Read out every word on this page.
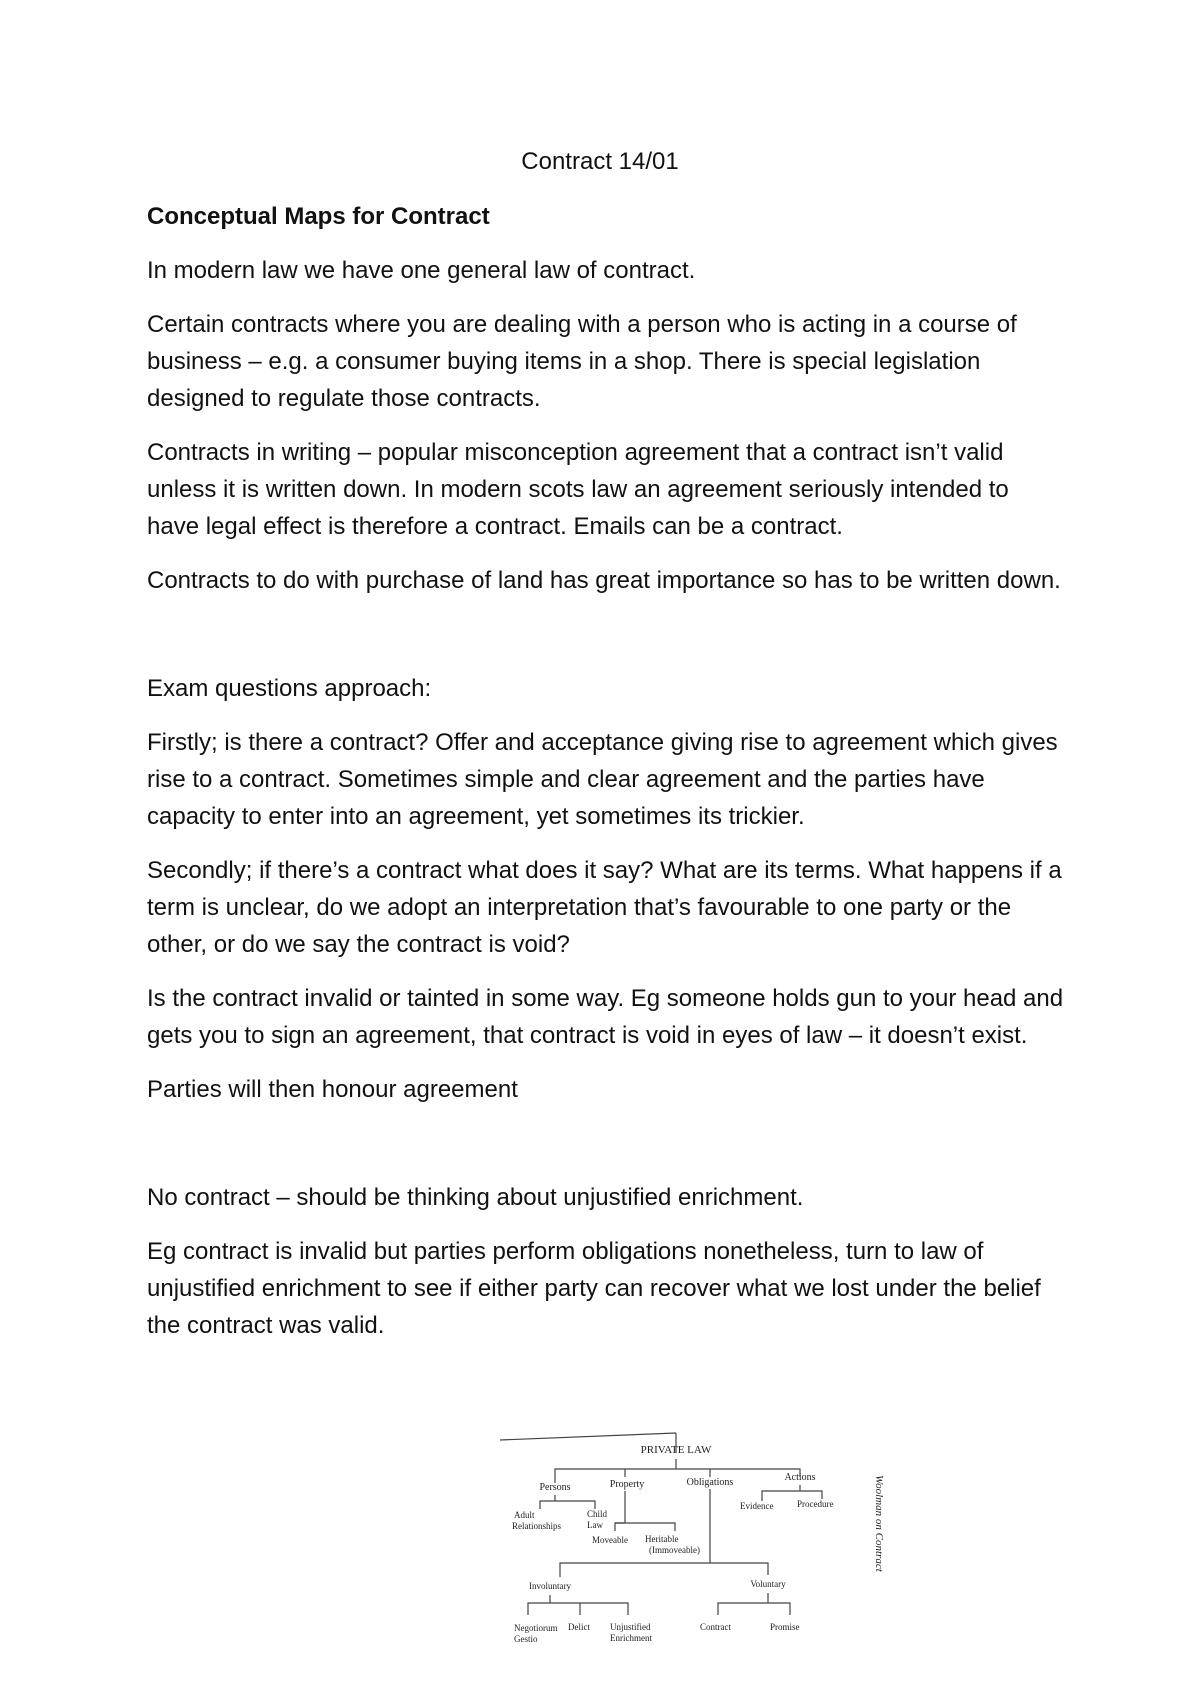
Contract 14/01

Conceptual Maps for Contract

In modern law we have one general law of contract.

Certain contracts where you are dealing with a person who is acting in a course of business – e.g. a consumer buying items in a shop. There is special legislation designed to regulate those contracts.

Contracts in writing – popular misconception agreement that a contract isn’t valid unless it is written down. In modern scots law an agreement seriously intended to have legal effect is therefore a contract. Emails can be a contract.

Contracts to do with purchase of land has great importance so has to be written down.

Exam questions approach:

Firstly; is there a contract? Offer and acceptance giving rise to agreement which gives rise to a contract. Sometimes simple and clear agreement and the parties have capacity to enter into an agreement, yet sometimes its trickier.

Secondly; if there’s a contract what does it say? What are its terms. What happens if a term is unclear, do we adopt an interpretation that’s favourable to one party or the other, or do we say the contract is void?

Is the contract invalid or tainted in some way. Eg someone holds gun to your head and gets you to sign an agreement, that contract is void in eyes of law – it doesn’t exist.

Parties will then honour agreement

No contract – should be thinking about unjustified enrichment.

Eg contract is invalid but parties perform obligations nonetheless, turn to law of unjustified enrichment to see if either party can recover what we lost under the belief the contract was valid.

PRIVATE LAW
Persons	Property	Obligations	Actions
Adult
Relationships
Child Law
Moveable Heritable (Immoveable)
Evidence	Procedure
Involuntary	Voluntary
Negotiorum Gestio
Delict Unjustified Enrichment
Contract	Promise
Woolman on Contract
